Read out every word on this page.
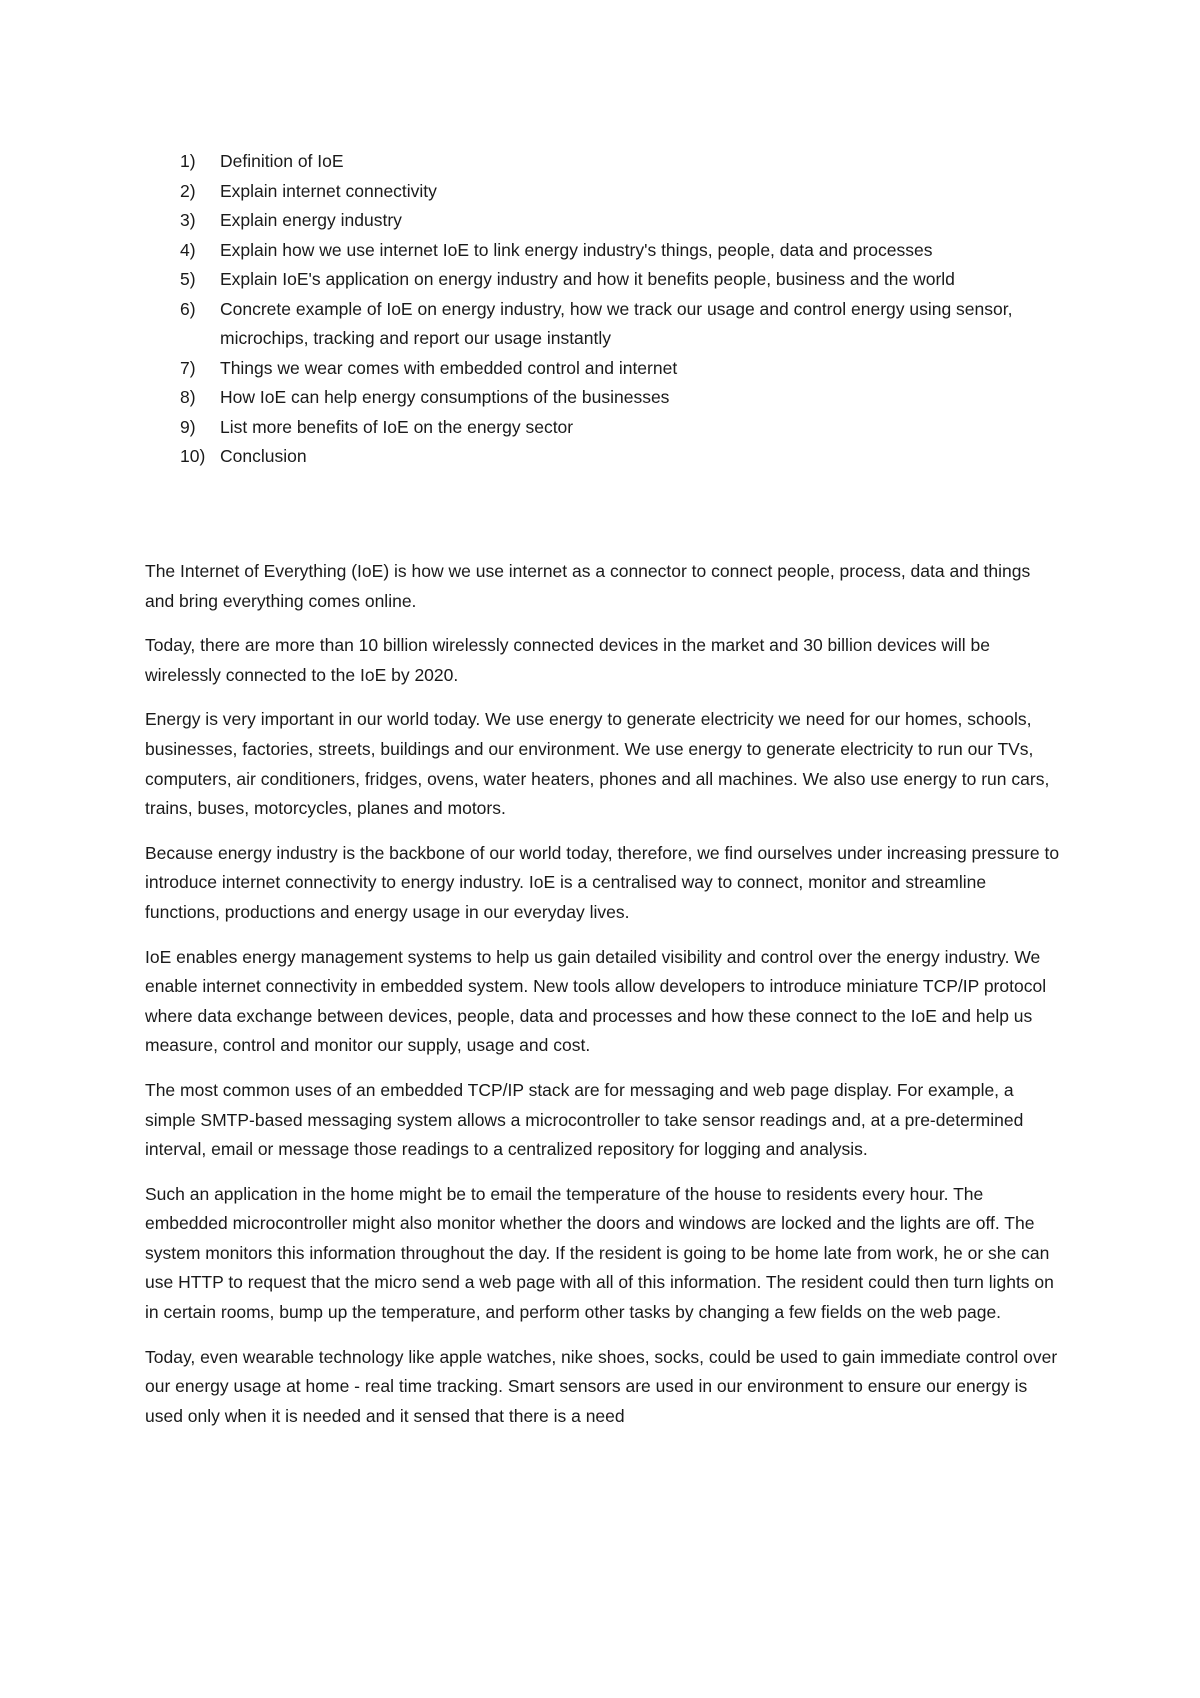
1)	Definition of IoE
2)	Explain internet connectivity
3)	Explain energy industry
4)	Explain how we use internet IoE to link energy industry's things, people, data and processes
5)	Explain IoE's application on energy industry and how it benefits people, business and the world
6)	Concrete example of IoE on energy industry, how we track our usage and control energy using sensor, microchips, tracking and report our usage instantly
7)	Things we wear comes with embedded control and internet
8)	How IoE can help energy consumptions of the businesses
9)	List more benefits of IoE on the energy sector
10) Conclusion

The Internet of Everything (IoE) is how we use internet as a connector to connect people, process, data and things and bring everything comes online.

Today, there are more than 10 billion wirelessly connected devices in the market and 30 billion devices will be wirelessly connected to the IoE by 2020.

Energy is very important in our world today. We use energy to generate electricity we need for our homes, schools, businesses, factories, streets, buildings and our environment. We use energy to generate electricity to run our TVs, computers, air conditioners, fridges, ovens, water heaters, phones and all machines. We also use energy to run cars, trains, buses, motorcycles, planes and motors.

Because energy industry is the backbone of our world today, therefore, we find ourselves under increasing pressure to introduce internet connectivity to energy industry. IoE is a centralised way to connect, monitor and streamline functions, productions and energy usage in our everyday lives.

IoE enables energy management systems to help us gain detailed visibility and control over the energy industry. We enable internet connectivity in embedded system. New tools allow developers to introduce miniature TCP/IP protocol where data exchange between devices, people, data and processes and how these connect to the IoE and help us measure, control and monitor our supply, usage and cost.

The most common uses of an embedded TCP/IP stack are for messaging and web page display. For example, a simple SMTP-based messaging system allows a microcontroller to take sensor readings and, at a pre-determined interval, email or message those readings to a centralized repository for logging and analysis.

Such an application in the home might be to email the temperature of the house to residents every hour. The embedded microcontroller might also monitor whether the doors and windows are locked and the lights are off. The system monitors this information throughout the day. If the resident is going to be home late from work, he or she can use HTTP to request that the micro send a web page with all of this information. The resident could then turn lights on in certain rooms, bump up the temperature, and perform other tasks by changing a few fields on the web page.

Today, even wearable technology like apple watches, nike shoes, socks, could be used to gain immediate control over our energy usage at home - real time tracking. Smart sensors are used in our environment to ensure our energy is used only when it is needed and it sensed that there is a need
